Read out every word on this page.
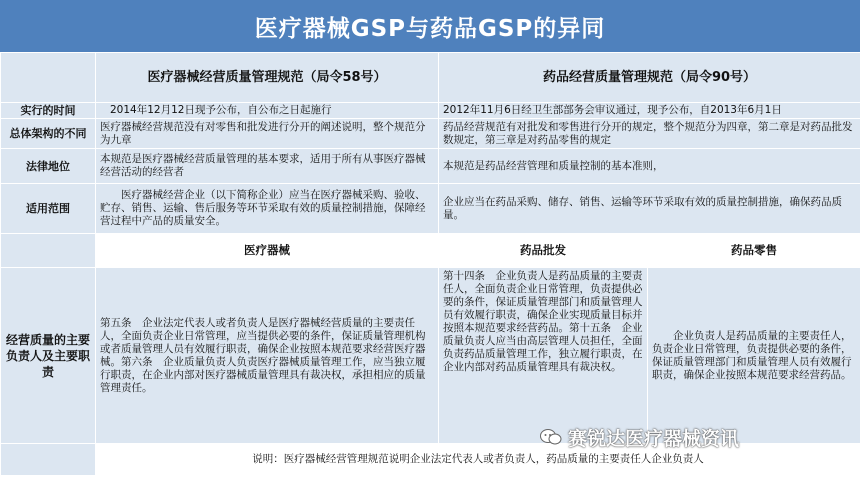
医疗器械GSP与药品GSP的异同
	医疗器械经营质量管理规范（局令58号）	药品经营质量管理规范（局令90号）	
实行的时间	2014年12月12日现予公布，自公布之日起施行	2012年11月6日经卫生部部务会审议通过，现予公布，自2013年6月1日	
总体架构的不同	医疗器械经营规范没有对零售和批发进行分开的阐述说明，整个规范分为九章	药品经营规范有对批发和零售进行分开的规定，整个规范分为四章，第二章是对药品批发数规定，第三章是对药品零售的规定	
法律地位	本规范是医疗器械经营质量管理的基本要求，适用于所有从事医疗器械经营活动的经营者	本规范是药品经营管理和质量控制的基本准则，	
适用范围	医疗器械经营企业（以下简称企业）应当在医疗器械采购、验收、贮存、销售、运输、售后服务等环节采取有效的质量控制措施，保障经营过程中产品的质量安全。	企业应当在药品采购、储存、销售、运输等环节采取有效的质量控制措施，确保药品质量。	
	医疗器械	药品批发	药品零售
经营质量的主要负责人及主要职责	第五条　企业法定代表人或者负责人是医疗器械经营质量的主要责任人，全面负责企业日常管理，应当提供必要的条件，保证质量管理机构或者质量管理人员有效履行职责，确保企业按照本规范要求经营医疗器械。第六条　企业质量负责人负责医疗器械质量管理工作，应当独立履行职责，在企业内部对医疗器械质量管理具有裁决权，承担相应的质量管理责任。	第十四条　企业负责人是药品质量的主要责任人，全面负责企业日常管理，负责提供必要的条件，保证质量管理部门和质量管理人员有效履行职责，确保企业实现质量目标并按照本规范要求经营药品。第十五条　企业质量负责人应当由高层管理人员担任，全面负责药品质量管理工作，独立履行职责，在企业内部对药品质量管理具有裁决权。	企业负责人是药品质量的主要责任人，负责企业日常管理，负责提供必要的条件，保证质量管理部门和质量管理人员有效履行职责，确保企业按照本规范要求经营药品。
	说明：医疗器械经营管理规范说明企业法定代表人或者负责人，药品质量的主要责任人企业负责人		
赛锐达医疗器械资讯
